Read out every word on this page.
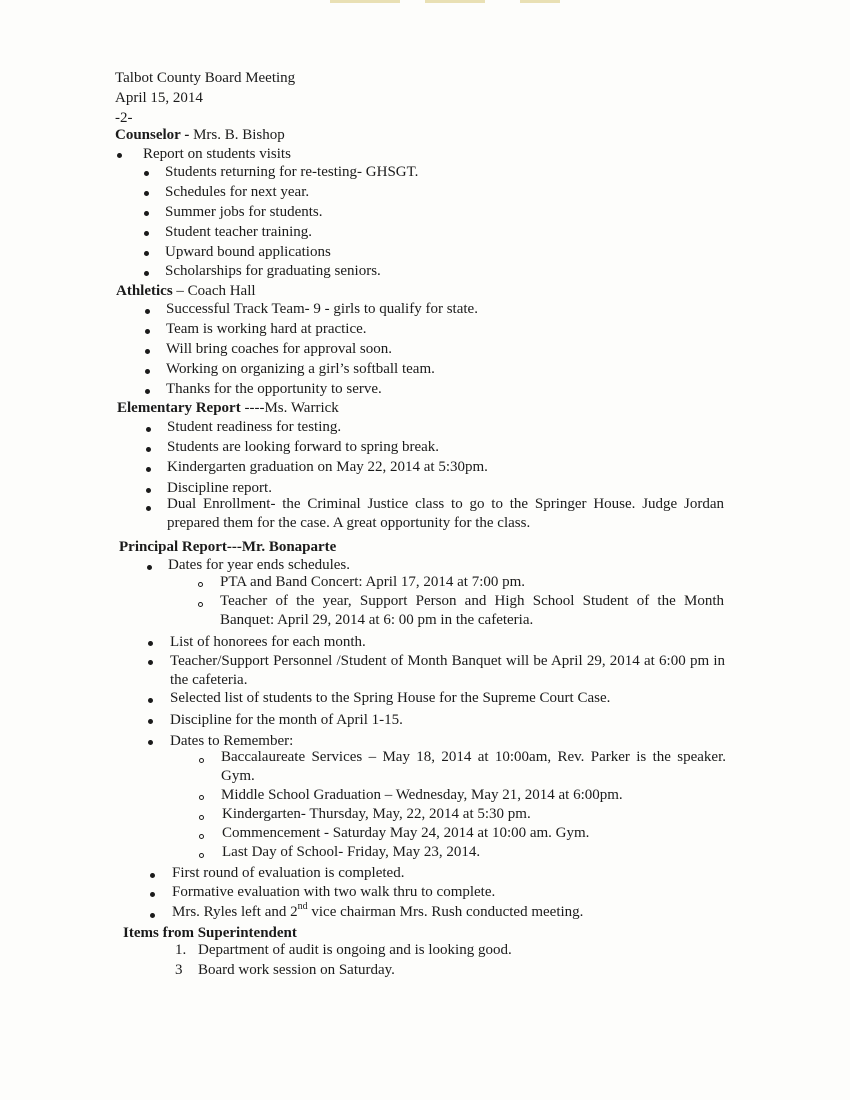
Talbot County Board Meeting
April 15, 2014
-2-
Counselor - Mrs. B. Bishop
Report on students visits
Students returning for re-testing- GHSGT.
Schedules for next year.
Summer jobs for students.
Student teacher training.
Upward bound applications
Scholarships for graduating seniors.
Athletics – Coach Hall
Successful Track Team- 9 - girls to qualify for state.
Team is working hard at practice.
Will bring coaches for approval soon.
Working on organizing a girl’s softball team.
Thanks for the opportunity to serve.
Elementary Report ----Ms. Warrick
Student readiness for testing.
Students are looking forward to spring break.
Kindergarten graduation on May 22, 2014 at 5:30pm.
Discipline report.
Dual Enrollment- the Criminal Justice class to go to the Springer House. Judge Jordan prepared them for the case. A great opportunity for the class.
Principal Report---Mr. Bonaparte
Dates for year ends schedules.
PTA and Band Concert: April 17, 2014 at 7:00 pm.
Teacher of the year, Support Person and High School Student of the Month Banquet: April 29, 2014 at 6: 00 pm in the cafeteria.
List of honorees for each month.
Teacher/Support Personnel /Student of Month Banquet will be April 29, 2014 at 6:00 pm in the cafeteria.
Selected list of students to the Spring House for the Supreme Court Case.
Discipline for the month of April 1-15.
Dates to Remember:
Baccalaureate Services – May 18, 2014 at 10:00am, Rev. Parker is the speaker. Gym.
Middle School Graduation – Wednesday, May 21, 2014 at 6:00pm.
Kindergarten- Thursday, May, 22, 2014 at 5:30 pm.
Commencement - Saturday May 24, 2014 at 10:00 am. Gym.
Last Day of School- Friday, May 23, 2014.
First round of evaluation is completed.
Formative evaluation with two walk thru to complete.
Mrs. Ryles left and 2nd vice chairman Mrs. Rush conducted meeting.
Items from Superintendent
1. Department of audit is ongoing and is looking good.
3 Board work session on Saturday.
